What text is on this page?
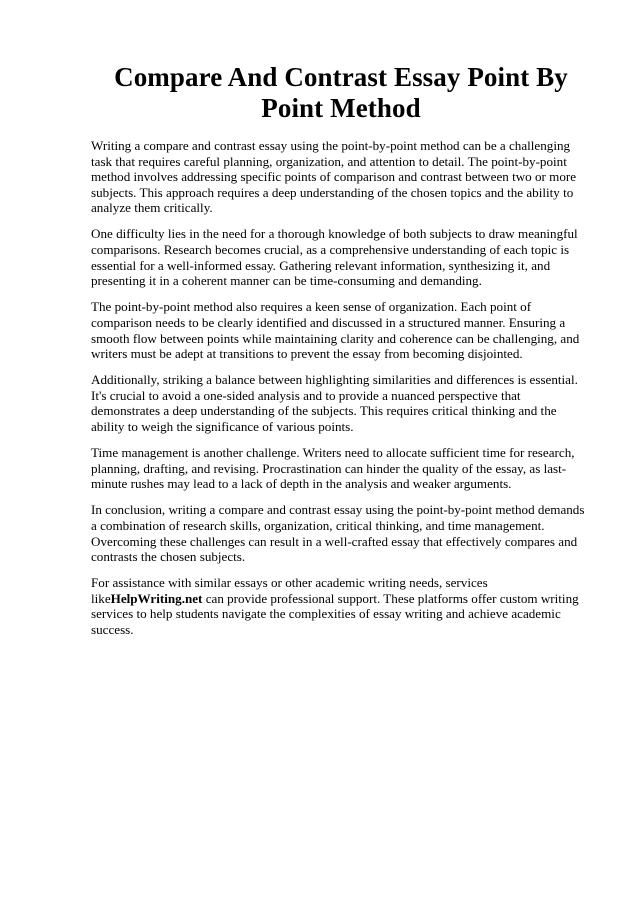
Compare And Contrast Essay Point By Point Method

Writing a compare and contrast essay using the point-by-point method can be a challenging task that requires careful planning, organization, and attention to detail. The point-by-point method involves addressing specific points of comparison and contrast between two or more subjects. This approach requires a deep understanding of the chosen topics and the ability to analyze them critically.

One difficulty lies in the need for a thorough knowledge of both subjects to draw meaningful comparisons. Research becomes crucial, as a comprehensive understanding of each topic is essential for a well-informed essay. Gathering relevant information, synthesizing it, and presenting it in a coherent manner can be time-consuming and demanding.

The point-by-point method also requires a keen sense of organization. Each point of comparison needs to be clearly identified and discussed in a structured manner. Ensuring a smooth flow between points while maintaining clarity and coherence can be challenging, and writers must be adept at transitions to prevent the essay from becoming disjointed.

Additionally, striking a balance between highlighting similarities and differences is essential. It's crucial to avoid a one-sided analysis and to provide a nuanced perspective that demonstrates a deep understanding of the subjects. This requires critical thinking and the ability to weigh the significance of various points.

Time management is another challenge. Writers need to allocate sufficient time for research, planning, drafting, and revising. Procrastination can hinder the quality of the essay, as last-minute rushes may lead to a lack of depth in the analysis and weaker arguments.

In conclusion, writing a compare and contrast essay using the point-by-point method demands a combination of research skills, organization, critical thinking, and time management. Overcoming these challenges can result in a well-crafted essay that effectively compares and contrasts the chosen subjects.

For assistance with similar essays or other academic writing needs, services likeHelpWriting.net can provide professional support. These platforms offer custom writing services to help students navigate the complexities of essay writing and achieve academic success.
